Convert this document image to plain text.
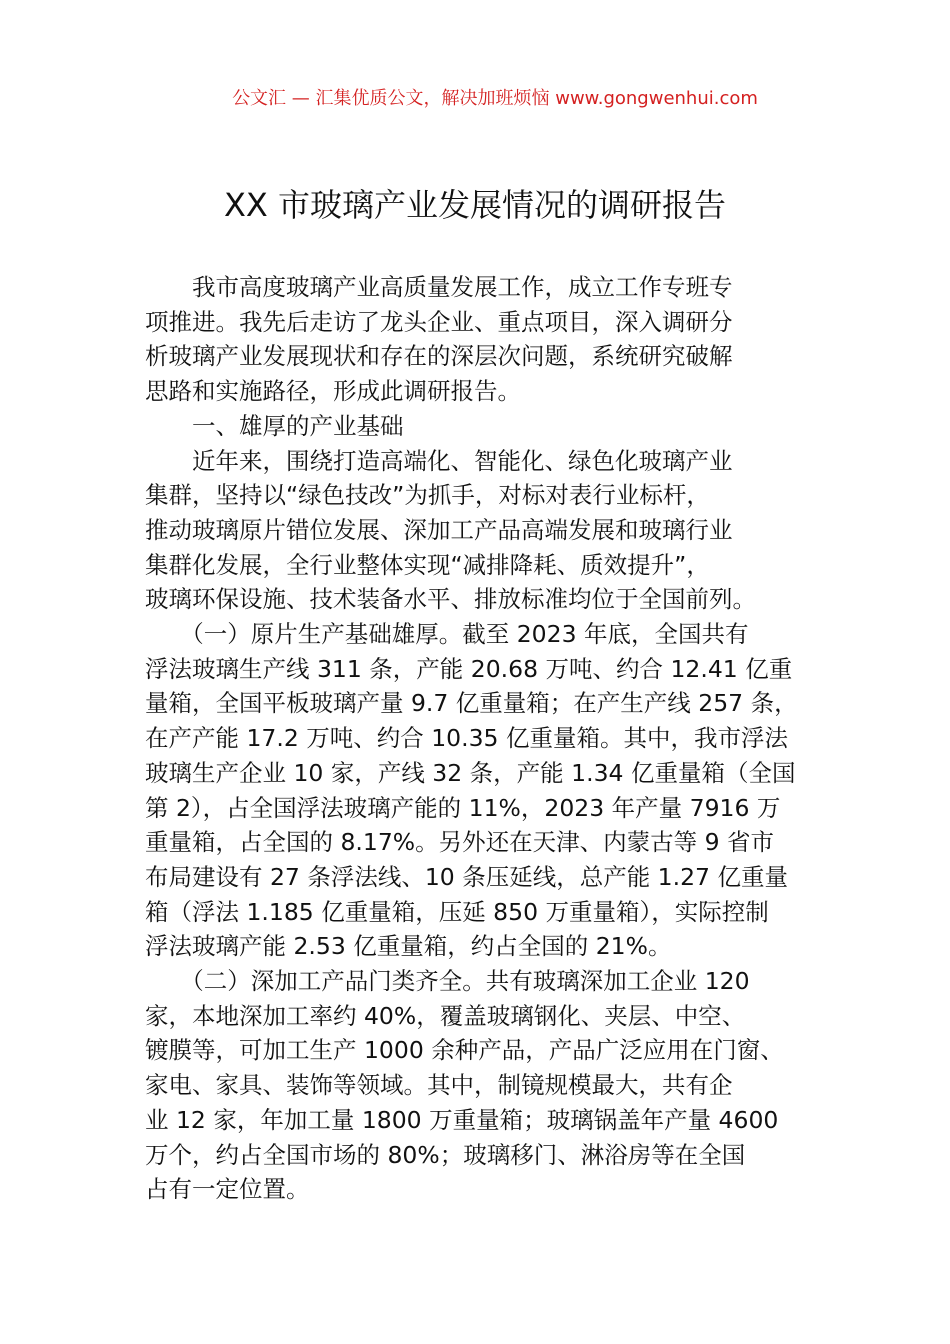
公文汇 — 汇集优质公文，解决加班烦恼 www.gongwenhui.com
XX 市玻璃产业发展情况的调研报告
　　我市高度玻璃产业高质量发展工作，成立工作专班专
项推进。我先后走访了龙头企业、重点项目，深入调研分
析玻璃产业发展现状和存在的深层次问题，系统研究破解
思路和实施路径，形成此调研报告。
　　一、雄厚的产业基础
　　近年来，围绕打造高端化、智能化、绿色化玻璃产业
集群，坚持以“绿色技改”为抓手，对标对表行业标杆，
推动玻璃原片错位发展、深加工产品高端发展和玻璃行业
集群化发展，全行业整体实现“减排降耗、质效提升”，
玻璃环保设施、技术装备水平、排放标准均位于全国前列。
　　（一）原片生产基础雄厚。截至 2023 年底，全国共有
浮法玻璃生产线 311 条，产能 20.68 万吨、约合 12.41 亿重
量箱，全国平板玻璃产量 9.7 亿重量箱；在产生产线 257 条，
在产产能 17.2 万吨、约合 10.35 亿重量箱。其中，我市浮法
玻璃生产企业 10 家，产线 32 条，产能 1.34 亿重量箱（全国
第 2），占全国浮法玻璃产能的 11%，2023 年产量 7916 万
重量箱，占全国的 8.17%。另外还在天津、内蒙古等 9 省市
布局建设有 27 条浮法线、10 条压延线，总产能 1.27 亿重量
箱（浮法 1.185 亿重量箱，压延 850 万重量箱），实际控制
浮法玻璃产能 2.53 亿重量箱，约占全国的 21%。
　　（二）深加工产品门类齐全。共有玻璃深加工企业 120
家，本地深加工率约 40%，覆盖玻璃钢化、夹层、中空、
镀膜等，可加工生产 1000 余种产品，产品广泛应用在门窗、
家电、家具、装饰等领域。其中，制镜规模最大，共有企
业 12 家，年加工量 1800 万重量箱；玻璃锅盖年产量 4600
万个，约占全国市场的 80%；玻璃移门、淋浴房等在全国
占有一定位置。
